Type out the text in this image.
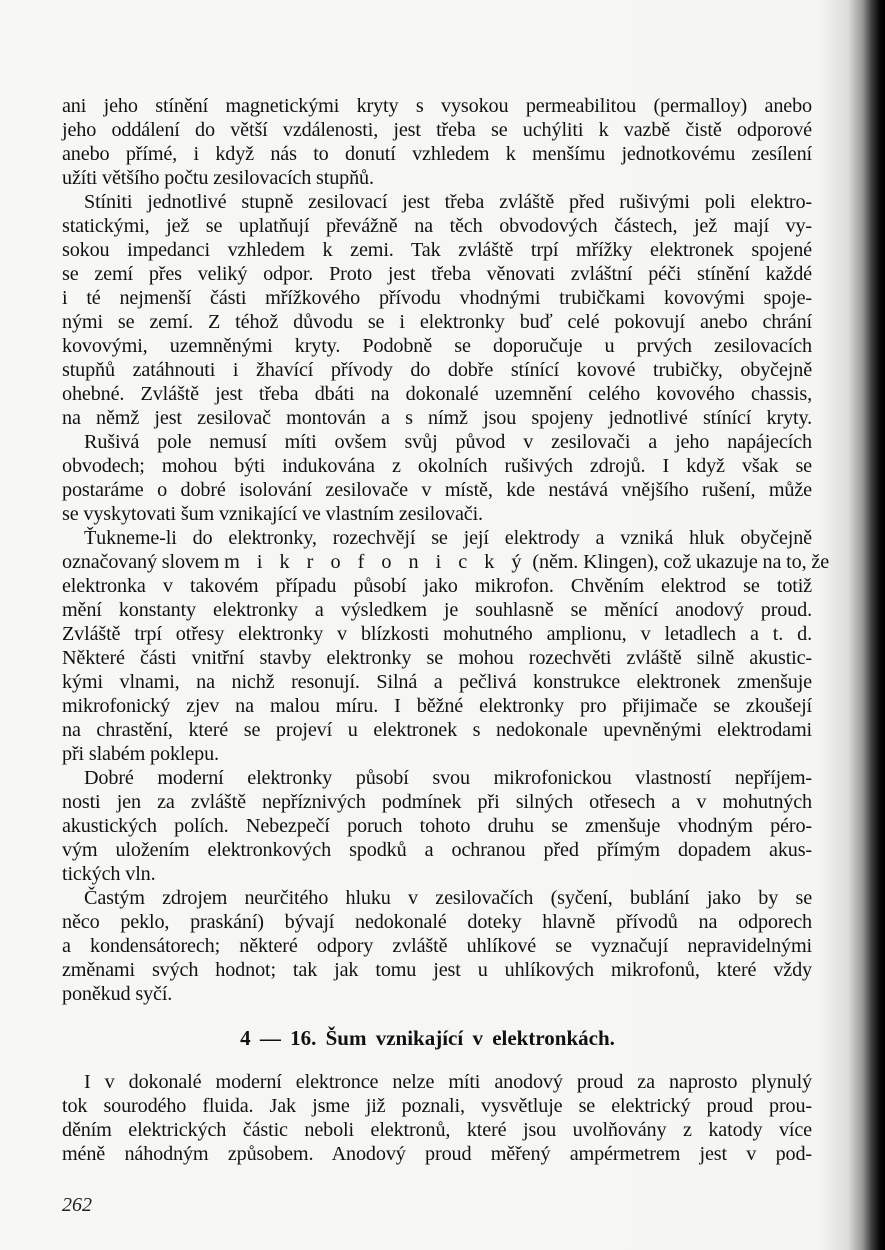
ani jeho stínění magnetickými kryty s vysokou permeabilitou (permalloy) anebo
jeho oddálení do větší vzdálenosti, jest třeba se uchýliti k vazbě čistě odporové
anebo přímé, i když nás to donutí vzhledem k menšímu jednotkovému zesílení
užíti většího počtu zesilovacích stupňů.

Stíniti jednotlivé stupně zesilovací jest třeba zvláště před rušivými poli elektro-
statickými, jež se uplatňují převážně na těch obvodových částech, jež mají vy-
sokou impedanci vzhledem k zemi. Tak zvláště trpí mřížky elektronek spojené
se zemí přes veliký odpor. Proto jest třeba věnovati zvláštní péči stínění každé
i té nejmenší části mřížkového přívodu vhodnými trubičkami kovovými spoje-
nými se zemí. Z téhož důvodu se i elektronky buď celé pokovují anebo chrání
kovovými, uzemněnými kryty. Podobně se doporučuje u prvých zesilovacích
stupňů zatáhnouti i žhavící přívody do dobře stínící kovové trubičky, obyčejně
ohebné. Zvláště jest třeba dbáti na dokonalé uzemnění celého kovového chassis,
na němž jest zesilovač montován a s nímž jsou spojeny jednotlivé stínící kryty.

Rušivá pole nemusí míti ovšem svůj původ v zesilovači a jeho napájecích
obvodech; mohou býti indukována z okolních rušivých zdrojů. I když však se
postaráme o dobré isolování zesilovače v místě, kde nestává vnějšího rušení, může
se vyskytovati šum vznikající ve vlastním zesilovači.

Ťukneme-li do elektronky, rozechvějí se její elektrody a vzniká hluk obyčejně
označovaný slovem m i k r o f o n i c k ý (něm. Klingen), což ukazuje na to, že
elektronka v takovém případu působí jako mikrofon. Chvěním elektrod se totiž
mění konstanty elektronky a výsledkem je souhlasně se měnící anodový proud.
Zvláště trpí otřesy elektronky v blízkosti mohutného amplionu, v letadlech a t. d.
Některé části vnitřní stavby elektronky se mohou rozechvěti zvláště silně akustic-
kými vlnami, na nichž resonují. Silná a pečlivá konstrukce elektronek zmenšuje
mikrofonický zjev na malou míru. I běžné elektronky pro přijimače se zkoušejí
na chrastění, které se projeví u elektronek s nedokonale upevněnými elektrodami
při slabém poklepu.

Dobré moderní elektronky působí svou mikrofonickou vlastností nepříjem-
nosti jen za zvláště nepříznivých podmínek při silných otřesech a v mohutných
akustických polích. Nebezpečí poruch tohoto druhu se zmenšuje vhodným péro-
vým uložením elektronkových spodků a ochranou před přímým dopadem akus-
tických vln.

Častým zdrojem neurčitého hluku v zesilovačích (syčení, bublání jako by se
něco peklo, praskání) bývají nedokonalé doteky hlavně přívodů na odporech
a kondensátorech; některé odpory zvláště uhlíkové se vyznačují nepravidelnými
změnami svých hodnot; tak jak tomu jest u uhlíkových mikrofonů, které vždy
poněkud syčí.

4 — 16. Šum vznikající v elektronkách.

I v dokonalé moderní elektronce nelze míti anodový proud za naprosto plynulý
tok sourodého fluida. Jak jsme již poznali, vysvětluje se elektrický proud prou-
děním elektrických částic neboli elektronů, které jsou uvolňovány z katody více
méně náhodným způsobem. Anodový proud měřený ampérmetrem jest v pod-

262
